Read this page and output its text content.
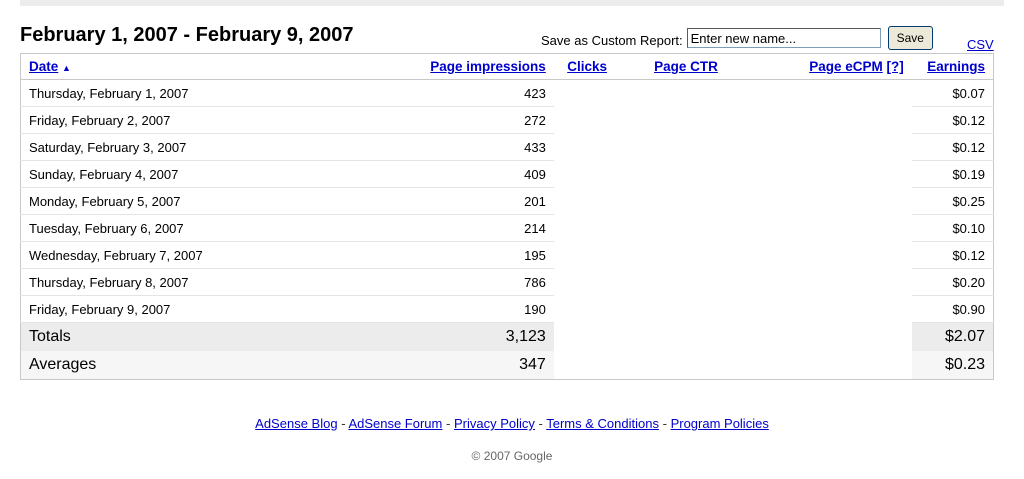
February 1, 2007 - February 9, 2007	Save as Custom Report:
Enter new name...	Save	CSV
Date ▲	Page impressions	Clicks	Page CTR	Page eCPM [?]	Earnings
Thursday, February 1, 2007	423				$0.07
Friday, February 2, 2007	272				$0.12
Saturday, February 3, 2007	433				$0.12
Sunday, February 4, 2007	409				$0.19
Monday, February 5, 2007	201				$0.25
Tuesday, February 6, 2007	214				$0.10
Wednesday, February 7, 2007	195				$0.12
Thursday, February 8, 2007	786				$0.20
Friday, February 9, 2007	190				$0.90
Totals	3,123				$2.07
Averages	347				$0.23
AdSense Blog - AdSense Forum - Privacy Policy - Terms & Conditions - Program Policies
© 2007 Google
